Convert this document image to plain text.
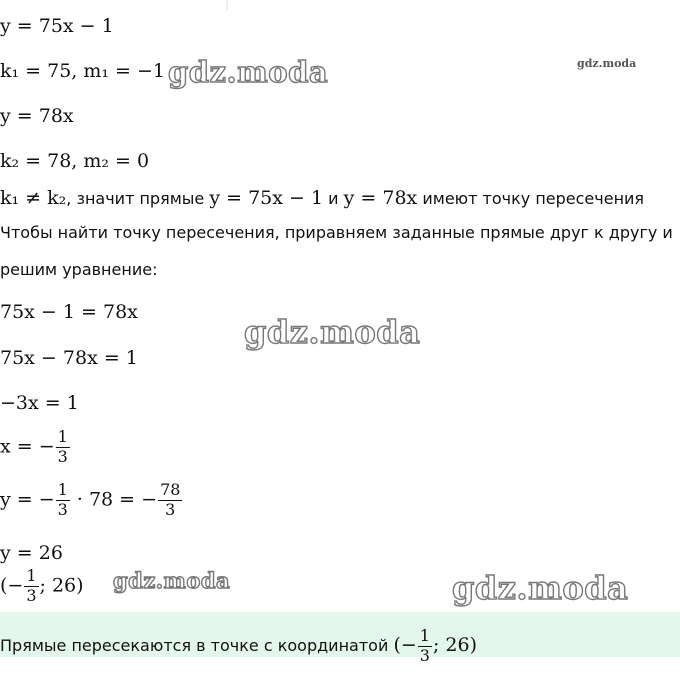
y = 75x − 1
k₁ = 75, m₁ = −1
y = 78x
k₂ = 78, m₂ = 0
k₁ ≠ k₂, значит прямые y = 75x − 1 и y = 78x имеют точку пересечения
Чтобы найти точку пересечения, приравняем заданные прямые друг к другу и
решим уравнение:
75x − 1 = 78x
75x − 78x = 1
−3x = 1
x = − $\frac{1}{3}$
y = − $\frac{1}{3} \cdot 78$ = − $\frac{78}{3}$
y = 26
(− $\frac{1}{3}$ ; 26)
Прямые пересекаются в точке с координатой (− $\frac{1}{3}$ ; 26)
gdz.moda	gdz.moda
gdz.moda
gdz.moda	gdz.moda
